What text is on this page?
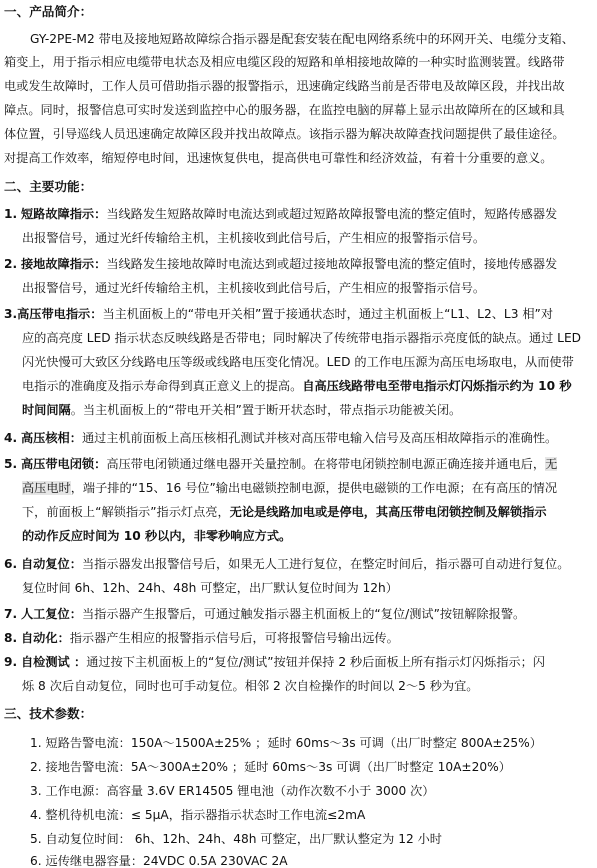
一、产品简介：
GY-2PE-M2 带电及接地短路故障综合指示器是配套安装在配电网络系统中的环网开关、电缆分支箱、
箱变上，用于指示相应电缆带电状态及相应电缆区段的短路和单相接地故障的一种实时监测装置。线路带
电或发生故障时，工作人员可借助指示器的报警指示，迅速确定线路当前是否带电及故障区段，并找出故
障点。同时，报警信息可实时发送到监控中心的服务器，在监控电脑的屏幕上显示出故障所在的区域和具
体位置，引导巡线人员迅速确定故障区段并找出故障点。该指示器为解决故障查找问题提供了最佳途径。
对提高工作效率，缩短停电时间，迅速恢复供电，提高供电可靠性和经济效益，有着十分重要的意义。
二、主要功能：
1. 短路故障指示：当线路发生短路故障时电流达到或超过短路故障报警电流的整定值时，短路传感器发
出报警信号，通过光纤传输给主机，主机接收到此信号后，产生相应的报警指示信号。
2. 接地故障指示：当线路发生接地故障时电流达到或超过接地故障报警电流的整定值时，接地传感器发
出报警信号，通过光纤传输给主机，主机接收到此信号后，产生相应的报警指示信号。
3.高压带电指示：当主机面板上的“带电开关相”置于接通状态时，通过主机面板上“L1、L2、L3 相”对
应的高亮度 LED 指示状态反映线路是否带电；同时解决了传统带电指示器指示亮度低的缺点。通过 LED
闪光快慢可大致区分线路电压等级或线路电压变化情况。LED 的工作电压源为高压电场取电，从而使带
电指示的准确度及指示寿命得到真正意义上的提高。自高压线路带电至带电指示灯闪烁指示约为 10 秒
时间间隔。当主机面板上的“带电开关相”置于断开状态时，带点指示功能被关闭。
4. 高压核相：通过主机前面板上高压核相孔测试并核对高压带电输入信号及高压相故障指示的准确性。
5. 高压带电闭锁：高压带电闭锁通过继电器开关量控制。在将带电闭锁控制电源正确连接并通电后，无
高压电时，端子排的“15、16 号位”输出电磁锁控制电源，提供电磁锁的工作电源；在有高压的情况
下，前面板上“解锁指示”指示灯点亮，无论是线路加电或是停电，其高压带电闭锁控制及解锁指示
的动作反应时间为 10 秒以内，非零秒响应方式。
6. 自动复位：当指示器发出报警信号后，如果无人工进行复位，在整定时间后，指示器可自动进行复位。
复位时间 6h、12h、24h、48h 可整定，出厂默认复位时间为 12h）
7. 人工复位：当指示器产生报警后，可通过触发指示器主机面板上的“复位/测试”按钮解除报警。
8. 自动化：指示器产生相应的报警指示信号后，可将报警信号输出远传。
9. 自检测试 ：通过按下主机面板上的“复位/测试”按钮并保持 2 秒后面板上所有指示灯闪烁指示；闪
烁 8 次后自动复位，同时也可手动复位。相邻 2 次自检操作的时间以 2～5 秒为宜。
三、技术参数：
1. 短路告警电流：150A～1500A±25% ；延时 60ms～3s 可调（出厂时整定 800A±25%）
2. 接地告警电流：5A～300A±20% ；延时 60ms～3s 可调（出厂时整定 10A±20%）
3. 工作电源：高容量 3.6V ER14505 锂电池（动作次数不小于 3000 次）
4. 整机待机电流：≤ 5μA，指示器指示状态时工作电流≤2mA
5. 自动复位时间： 6h、12h、24h、48h 可整定，出厂默认整定为 12 小时
6. 远传继电器容量：24VDC 0.5A 230VAC 2A
